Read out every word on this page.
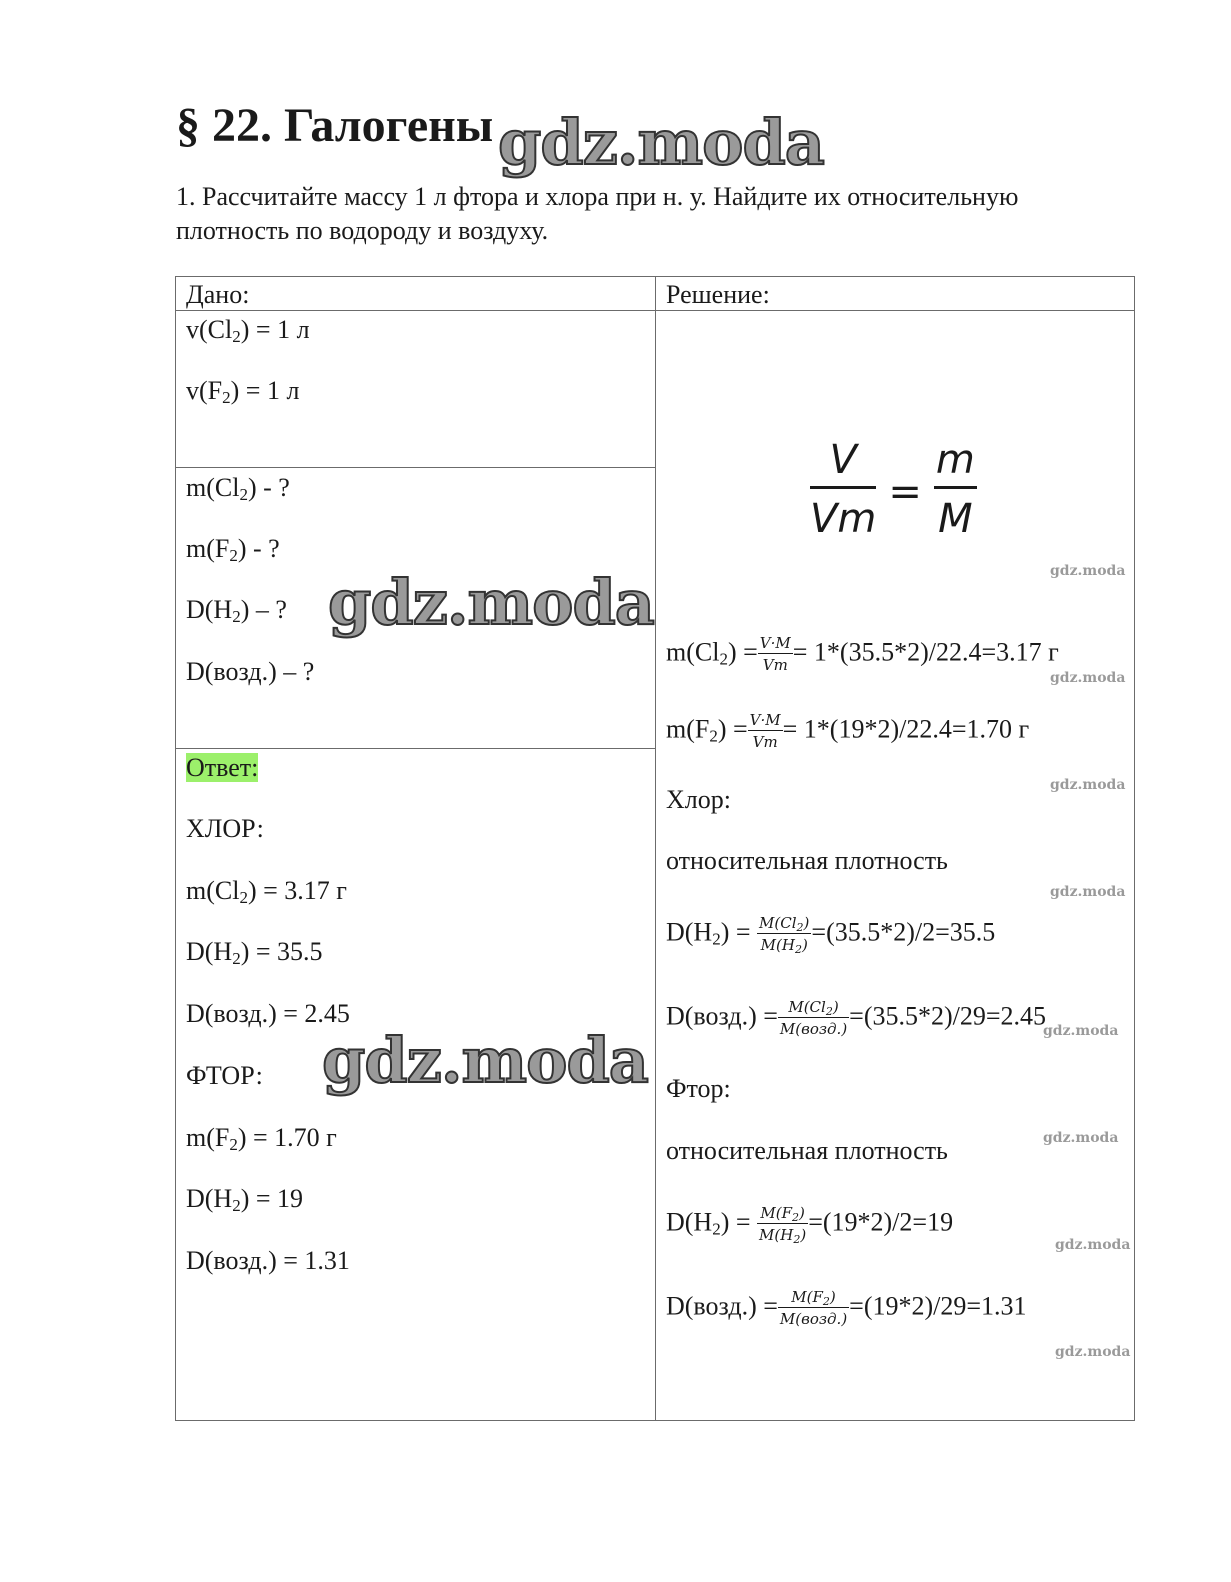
§ 22. Галогены

1. Рассчитайте массу 1 л фтора и хлора при н. у. Найдите их относительную плотность по водороду и воздуху.

Дано:	Решение:
$v(Cl_2) = 1$ л
$v(F_2) = 1$ л
$m(Cl_2)$ - ?
$m(F_2)$ - ?
$D(H_2)$ – ?
D(возд.) – ?
Ответ:
ХЛОР:
$m(Cl_2) = 3.17$ г
$D(H_2) = 35.5$
D(возд.) = 2.45
ФТОР:
$m(F_2) = 1.70$ г
$D(H_2) = 19$
D(возд.) = 1.31
$m(Cl_2) = \frac{V\cdot M}{Vm} = 1*(35.5*2)/22.4=3.17$ г
$m(F_2) = \frac{V\cdot M}{Vm} = 1*(19*2)/22.4=1.70$ г
Хлор:
относительная плотность
$D(H_2) = \frac{M(Cl_2)}{M(H_2)} =(35.5*2)/2=35.5$
D(возд.) = $\frac{M(Cl_2)}{\text{M(возд.)}} =(35.5*2)/29=2.45$
Фтор:
относительная плотность
$D(H_2) = \frac{M(F_2)}{M(H_2)} =(19*2)/2=19$
D(возд.) = $\frac{M(F_2)}{\text{M(возд.)}} =(19*2)/29=1.31$
$\frac{V}{Vm} = \frac{m}{M}$
gdz.moda
gdz.moda
gdz.moda
gdz.moda
gdz.moda
gdz.moda
gdz.moda
gdz.moda
gdz.moda
gdz.moda
gdz.moda
